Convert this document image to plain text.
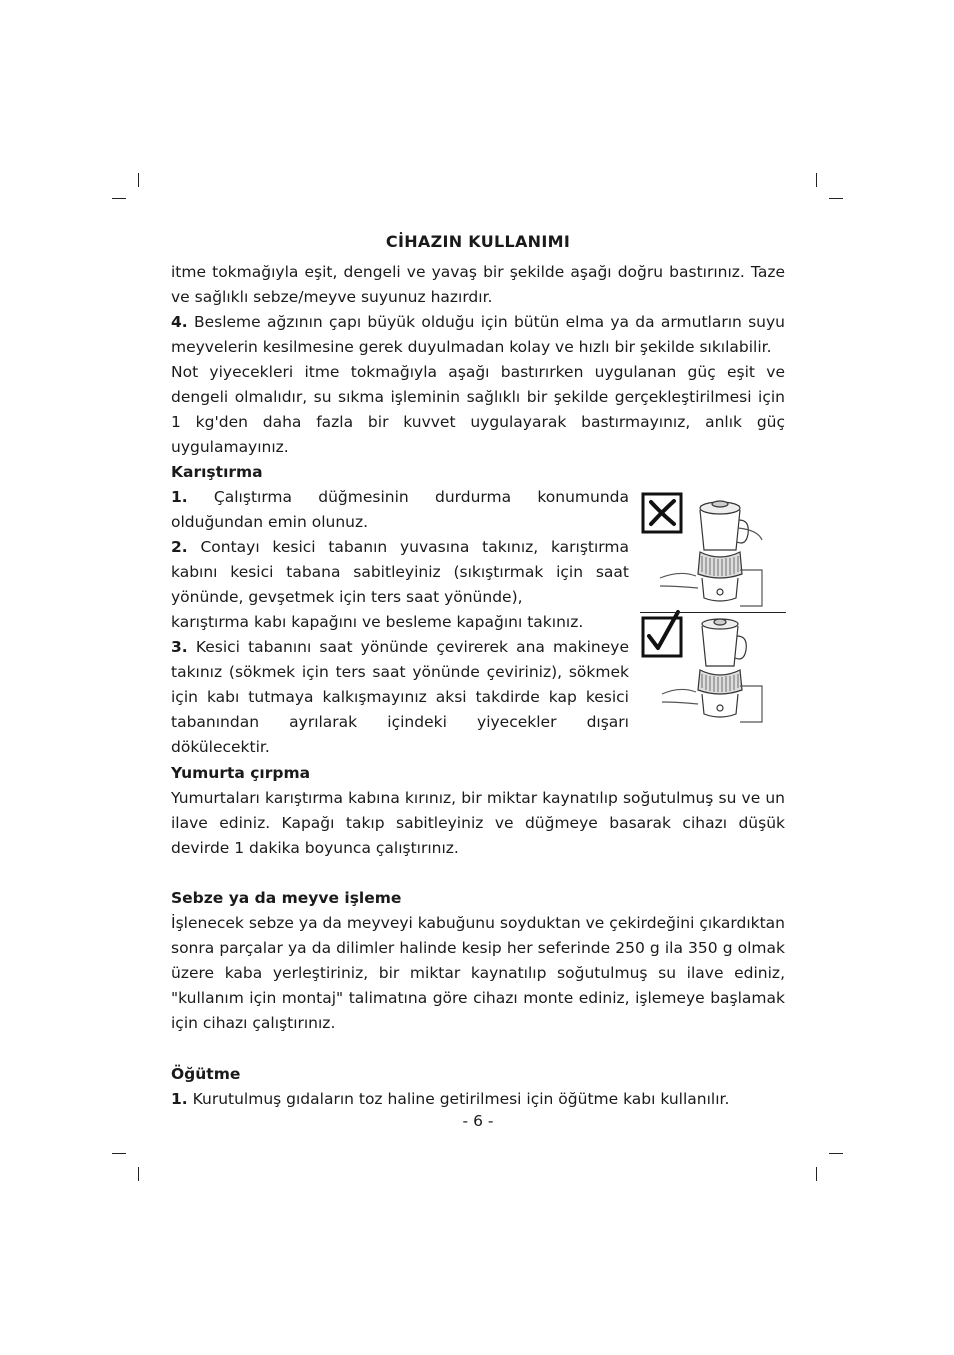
CİHAZIN KULLANIMI

itme tokmağıyla eşit, dengeli ve yavaş bir şekilde aşağı doğru bastırınız. Taze ve sağlıklı sebze/meyve suyunuz hazırdır.

4. Besleme ağzının çapı büyük olduğu için bütün elma ya da armutların suyu meyvelerin kesilmesine gerek duyulmadan kolay ve hızlı bir şekilde sıkılabilir.

Not yiyecekleri itme tokmağıyla aşağı bastırırken uygulanan güç eşit ve dengeli olmalıdır, su sıkma işleminin sağlıklı bir şekilde gerçekleştirilmesi için 1 kg'den daha fazla bir kuvvet uygulayarak bastırmayınız, anlık güç uygulamayınız.

Karıştırma

1. Çalıştırma düğmesinin durdurma konumunda olduğundan emin olunuz.

2. Contayı kesici tabanın yuvasına takınız, karıştırma kabını kesici tabana sabitleyiniz (sıkıştırmak için saat yönünde, gevşetmek için ters saat yönünde),

karıştırma kabı kapağını ve besleme kapağını takınız.

3. Kesici tabanını saat yönünde çevirerek ana makineye takınız (sökmek için ters saat yönünde çeviriniz), sökmek için kabı tutmaya kalkışmayınız aksi takdirde kap kesici tabanından ayrılarak içindeki yiyecekler dışarı dökülecektir.

Yumurta çırpma

Yumurtaları karıştırma kabına kırınız, bir miktar kaynatılıp soğutulmuş su ve un ilave ediniz. Kapağı takıp sabitleyiniz ve düğmeye basarak cihazı düşük devirde 1 dakika boyunca çalıştırınız.

Sebze ya da meyve işleme

İşlenecek sebze ya da meyveyi kabuğunu soyduktan ve çekirdeğini çıkardıktan sonra parçalar ya da dilimler halinde kesip her seferinde 250 g ila 350 g olmak üzere kaba yerleştiriniz, bir miktar kaynatılıp soğutulmuş su ilave ediniz, "kullanım için montaj" talimatına göre cihazı monte ediniz, işlemeye başlamak için cihazı çalıştırınız.

Öğütme

1. Kurutulmuş gıdaların toz haline getirilmesi için öğütme kabı kullanılır.

- 6 -
